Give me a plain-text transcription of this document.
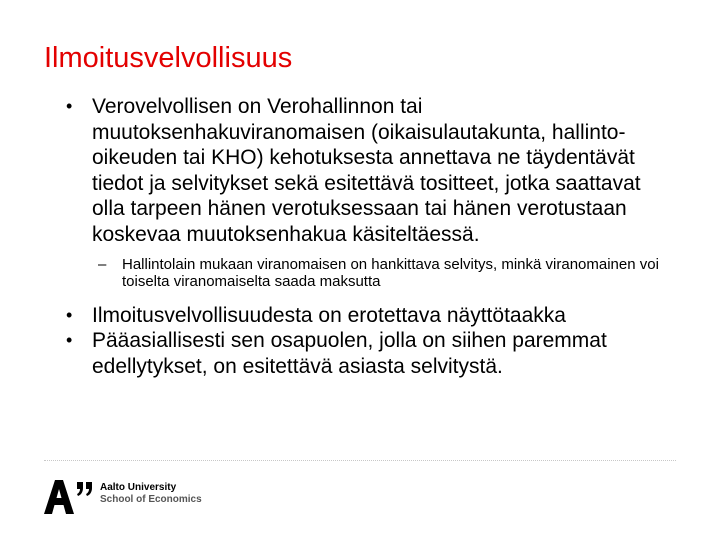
Ilmoitusvelvollisuus
• Verovelvollisen on Verohallinnon tai muutoksenhakuviranomaisen (oikaisulautakunta, hallinto-oikeuden tai KHO) kehotuksesta annettava ne täydentävät tiedot ja selvitykset sekä esitettävä tositteet, jotka saattavat olla tarpeen hänen verotuksessaan tai hänen verotustaan koskevaa muutoksenhakua käsiteltäessä.
– Hallintolain mukaan viranomaisen on hankittava selvitys, minkä viranomainen voi toiselta viranomaiselta saada maksutta
• Ilmoitusvelvollisuudesta on erotettava näyttötaakka
• Pääasiallisesti sen osapuolen, jolla on siihen paremmat edellytykset, on esitettävä asiasta selvitystä.
Aalto University
School of Economics
